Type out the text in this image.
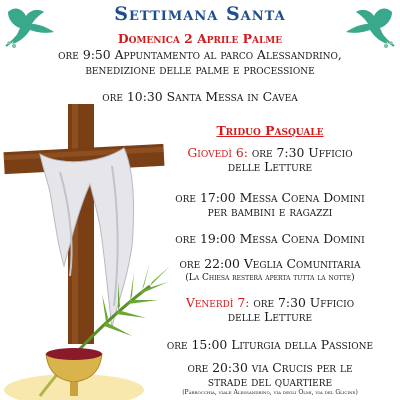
Settimana Santa
Domenica 2 Aprile Palme
ore 9:50 Appuntamento al parco Alessandrino,
benedizione delle palme e processione
ore 10:30 Santa Messa in Cavea
Triduo Pasquale
Giovedì 6: ore 7:30 Ufficio
delle Letture
ore 17:00 Messa Coena Domini
per bambini e ragazzi
ore 19:00 Messa Coena Domini
ore 22:00 Veglia Comunitaria
(La Chiesa resterà aperta tutta la notte)
Venerdì 7: ore 7:30 Ufficio
delle Letture
ore 15:00 Liturgia della Passione
ore 20:30 via Crucis per le
strade del quartiere
(Parrocchia, viale Alessandrino, via degli Olmi, via del Glicine)
